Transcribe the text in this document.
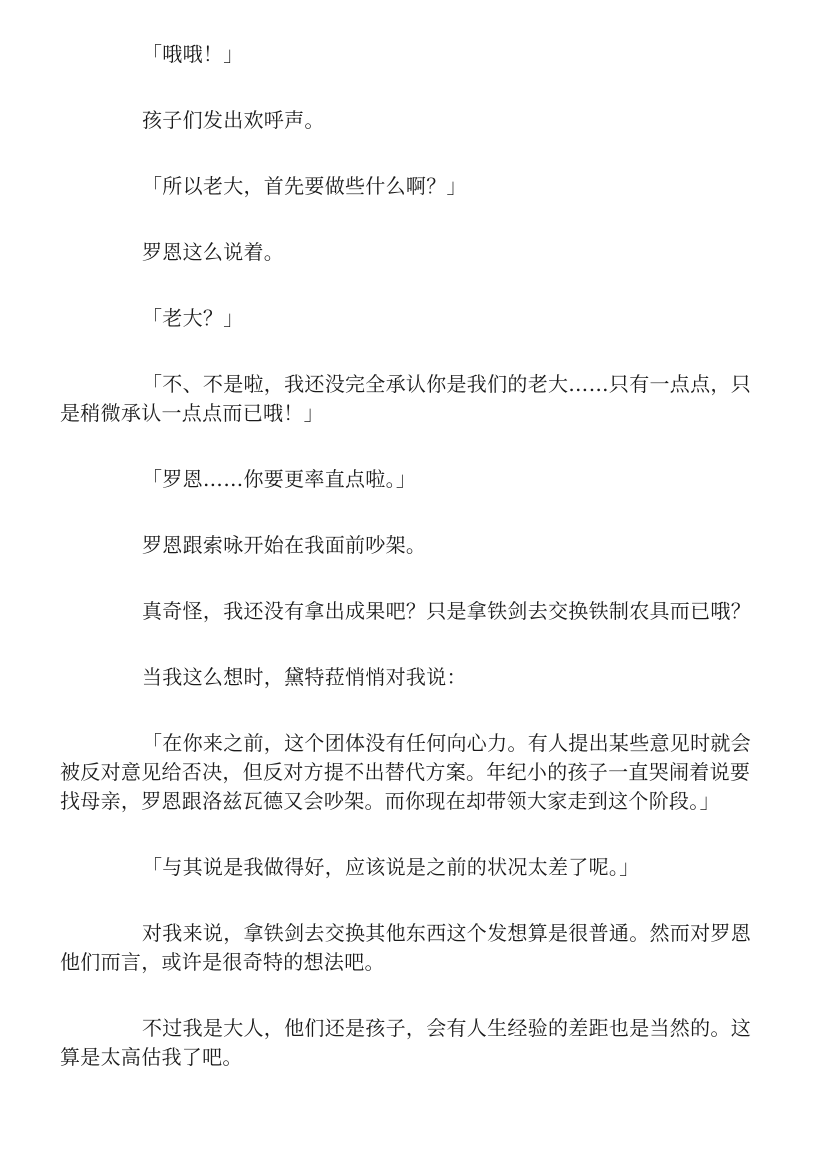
「哦哦！」

孩子们发出欢呼声。

「所以老大，首先要做些什么啊？」

罗恩这么说着。

「老大？」

「不、不是啦，我还没完全承认你是我们的老大……只有一点点，只是稍微承认一点点而已哦！」

「罗恩……你要更率直点啦。」

罗恩跟索咏开始在我面前吵架。

真奇怪，我还没有拿出成果吧？只是拿铁剑去交换铁制农具而已哦？

当我这么想时，黛特菈悄悄对我说：

「在你来之前，这个团体没有任何向心力。有人提出某些意见时就会被反对意见给否决，但反对方提不出替代方案。年纪小的孩子一直哭闹着说要找母亲，罗恩跟洛兹瓦德又会吵架。而你现在却带领大家走到这个阶段。」

「与其说是我做得好，应该说是之前的状况太差了呢。」

对我来说，拿铁剑去交换其他东西这个发想算是很普通。然而对罗恩他们而言，或许是很奇特的想法吧。

不过我是大人，他们还是孩子，会有人生经验的差距也是当然的。这算是太高估我了吧。
